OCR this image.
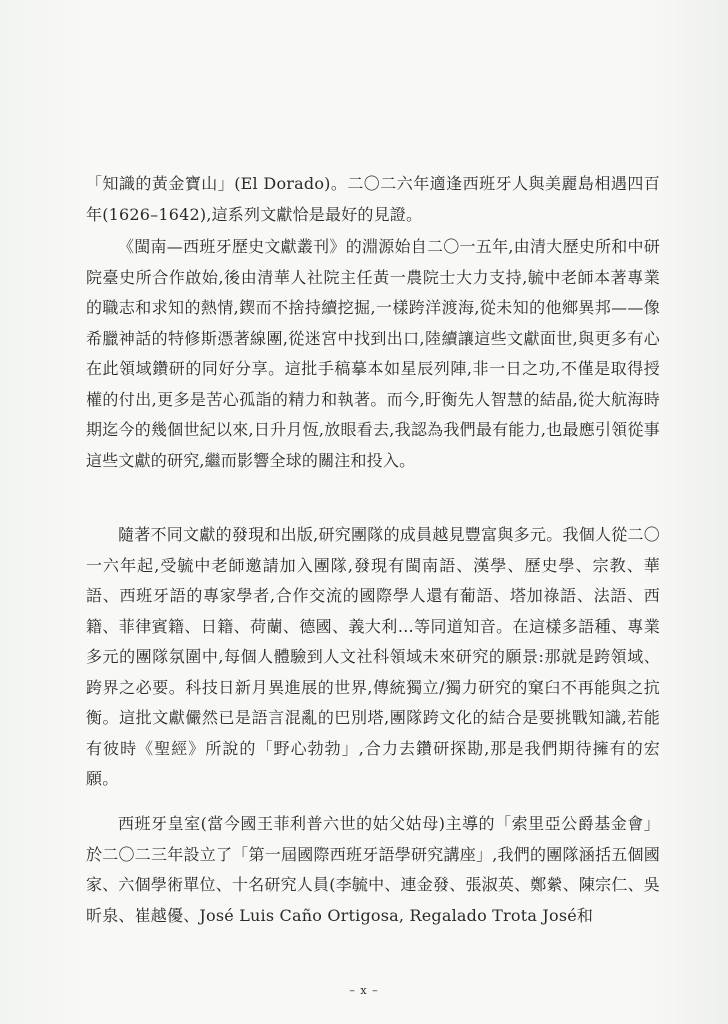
「知識的黃金寶山」(El Dorado)。二〇二六年適逢西班牙人與美麗島相遇四百年(1626–1642),這系列文獻恰是最好的見證。

《閩南—西班牙歷史文獻叢刊》的淵源始自二〇一五年,由清大歷史所和中研院臺史所合作啟始,後由清華人社院主任黃一農院士大力支持,毓中老師本著專業的職志和求知的熱情,鍥而不捨持續挖掘,一樣跨洋渡海,從未知的他鄉異邦——像希臘神話的特修斯憑著線團,從迷宮中找到出口,陸續讓這些文獻面世,與更多有心在此領域鑽研的同好分享。這批手稿摹本如星辰列陣,非一日之功,不僅是取得授權的付出,更多是苦心孤詣的精力和執著。而今,盱衡先人智慧的結晶,從大航海時期迄今的幾個世紀以來,日升月恆,放眼看去,我認為我們最有能力,也最應引領從事這些文獻的研究,繼而影響全球的關注和投入。

隨著不同文獻的發現和出版,研究團隊的成員越見豐富與多元。我個人從二〇一六年起,受毓中老師邀請加入團隊,發現有閩南語、漢學、歷史學、宗教、華語、西班牙語的專家學者,合作交流的國際學人還有葡語、塔加祿語、法語、西籍、菲律賓籍、日籍、荷蘭、德國、義大利…等同道知音。在這樣多語種、專業多元的團隊氛圍中,每個人體驗到人文社科領域未來研究的願景:那就是跨領域、跨界之必要。科技日新月異進展的世界,傳統獨立/獨力研究的窠臼不再能與之抗衡。這批文獻儼然已是語言混亂的巴別塔,團隊跨文化的結合是要挑戰知識,若能有彼時《聖經》所說的「野心勃勃」,合力去鑽研探勘,那是我們期待擁有的宏願。

西班牙皇室(當今國王菲利普六世的姑父姑母)主導的「索里亞公爵基金會」於二〇二三年設立了「第一屆國際西班牙語學研究講座」,我們的團隊涵括五個國家、六個學術單位、十名研究人員(李毓中、連金發、張淑英、鄭縈、陳宗仁、吳昕泉、崔越優、José Luis Caño Ortigosa, Regalado Trota José和

– x –
